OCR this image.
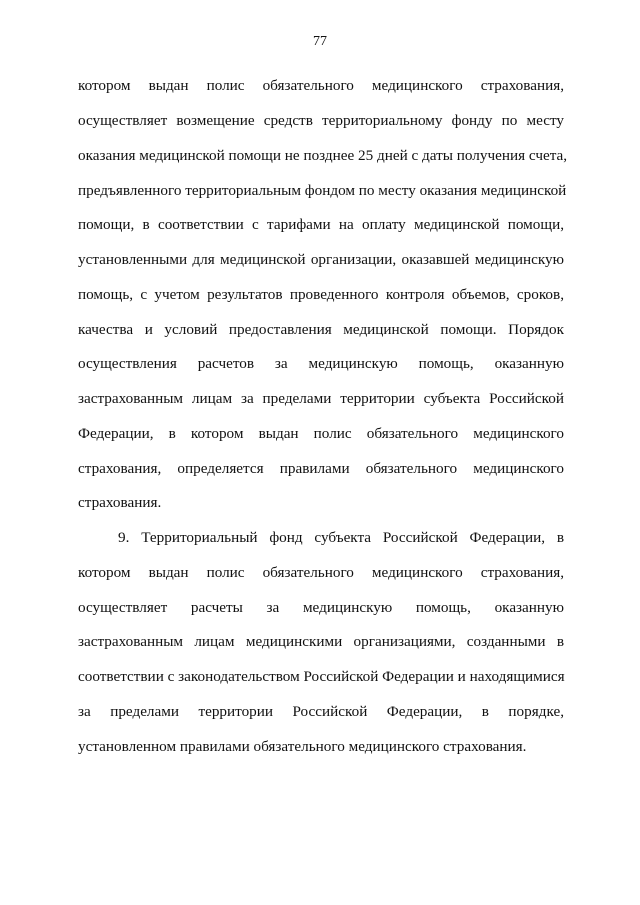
77
котором выдан полис обязательного медицинского страхования,
осуществляет возмещение средств территориальному фонду по месту
оказания медицинской помощи не позднее 25 дней с даты получения счета,
предъявленного территориальным фондом по месту оказания медицинской
помощи, в соответствии с тарифами на оплату медицинской помощи,
установленными для медицинской организации, оказавшей медицинскую
помощь, с учетом результатов проведенного контроля объемов, сроков,
качества и условий предоставления медицинской помощи. Порядок
осуществления расчетов за медицинскую помощь, оказанную
застрахованным лицам за пределами территории субъекта Российской
Федерации, в котором выдан полис обязательного медицинского
страхования, определяется правилами обязательного медицинского
страхования.
9. Территориальный фонд субъекта Российской Федерации, в
котором выдан полис обязательного медицинского страхования,
осуществляет расчеты за медицинскую помощь, оказанную
застрахованным лицам медицинскими организациями, созданными в
соответствии с законодательством Российской Федерации и находящимися
за пределами территории Российской Федерации, в порядке,
установленном правилами обязательного медицинского страхования.
